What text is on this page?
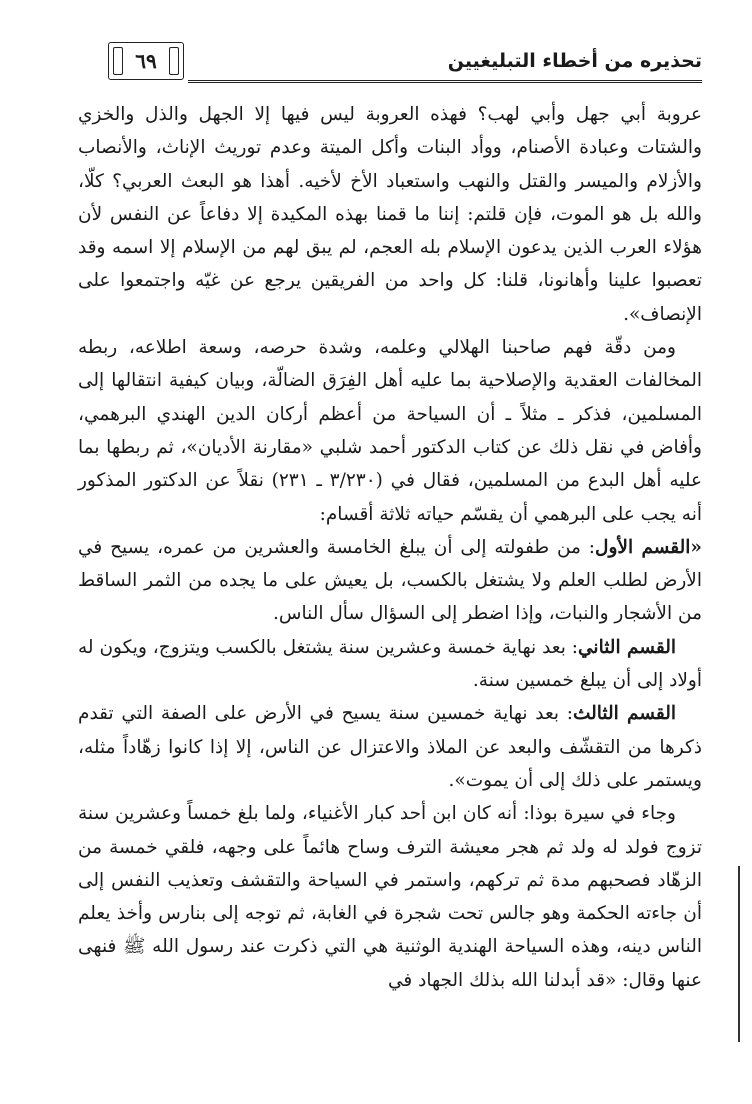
تحذيره من أخطاء التبليغيين
٦٩

عروبة أبي جهل وأبي لهب؟ فهذه العروبة ليس فيها إلا الجهل والذل والخزي والشتات وعبادة الأصنام، ووأد البنات وأكل الميتة وعدم توريث الإناث، والأنصاب والأزلام والميسر والقتل والنهب واستعباد الأخ لأخيه. أهذا هو البعث العربي؟ كلّا، والله بل هو الموت، فإن قلتم: إننا ما قمنا بهذه المكيدة إلا دفاعاً عن النفس لأن هؤلاء العرب الذين يدعون الإسلام بله العجم، لم يبق لهم من الإسلام إلا اسمه وقد تعصبوا علينا وأهانونا، قلنا: كل واحد من الفريقين يرجع عن غيّه واجتمعوا على الإنصاف».

ومن دقّة فهم صاحبنا الهلالي وعلمه، وشدة حرصه، وسعة اطلاعه، ربطه المخالفات العقدية والإصلاحية بما عليه أهل الفِرَق الضالّة، وبيان كيفية انتقالها إلى المسلمين، فذكر ـ مثلاً ـ أن السياحة من أعظم أركان الدين الهندي البرهمي، وأفاض في نقل ذلك عن كتاب الدكتور أحمد شلبي «مقارنة الأديان»، ثم ربطها بما عليه أهل البدع من المسلمين، فقال في (٣/٢٣٠ ـ ٢٣١) نقلاً عن الدكتور المذكور أنه يجب على البرهمي أن يقسّم حياته ثلاثة أقسام:

«القسم الأول: من طفولته إلى أن يبلغ الخامسة والعشرين من عمره، يسيح في الأرض لطلب العلم ولا يشتغل بالكسب، بل يعيش على ما يجده من الثمر الساقط من الأشجار والنبات، وإذا اضطر إلى السؤال سأل الناس.

القسم الثاني: بعد نهاية خمسة وعشرين سنة يشتغل بالكسب ويتزوج، ويكون له أولاد إلى أن يبلغ خمسين سنة.

القسم الثالث: بعد نهاية خمسين سنة يسيح في الأرض على الصفة التي تقدم ذكرها من التقشّف والبعد عن الملاذ والاعتزال عن الناس، إلا إذا كانوا زهّاداً مثله، ويستمر على ذلك إلى أن يموت».

وجاء في سيرة بوذا: أنه كان ابن أحد كبار الأغنياء، ولما بلغ خمساً وعشرين سنة تزوج فولد له ولد ثم هجر معيشة الترف وساح هائماً على وجهه، فلقي خمسة من الزهّاد فصحبهم مدة ثم تركهم، واستمر في السياحة والتقشف وتعذيب النفس إلى أن جاءته الحكمة وهو جالس تحت شجرة في الغابة، ثم توجه إلى بنارس وأخذ يعلم الناس دينه، وهذه السياحة الهندية الوثنية هي التي ذكرت عند رسول الله ﷺ فنهى عنها وقال: «قد أبدلنا الله بذلك الجهاد في
